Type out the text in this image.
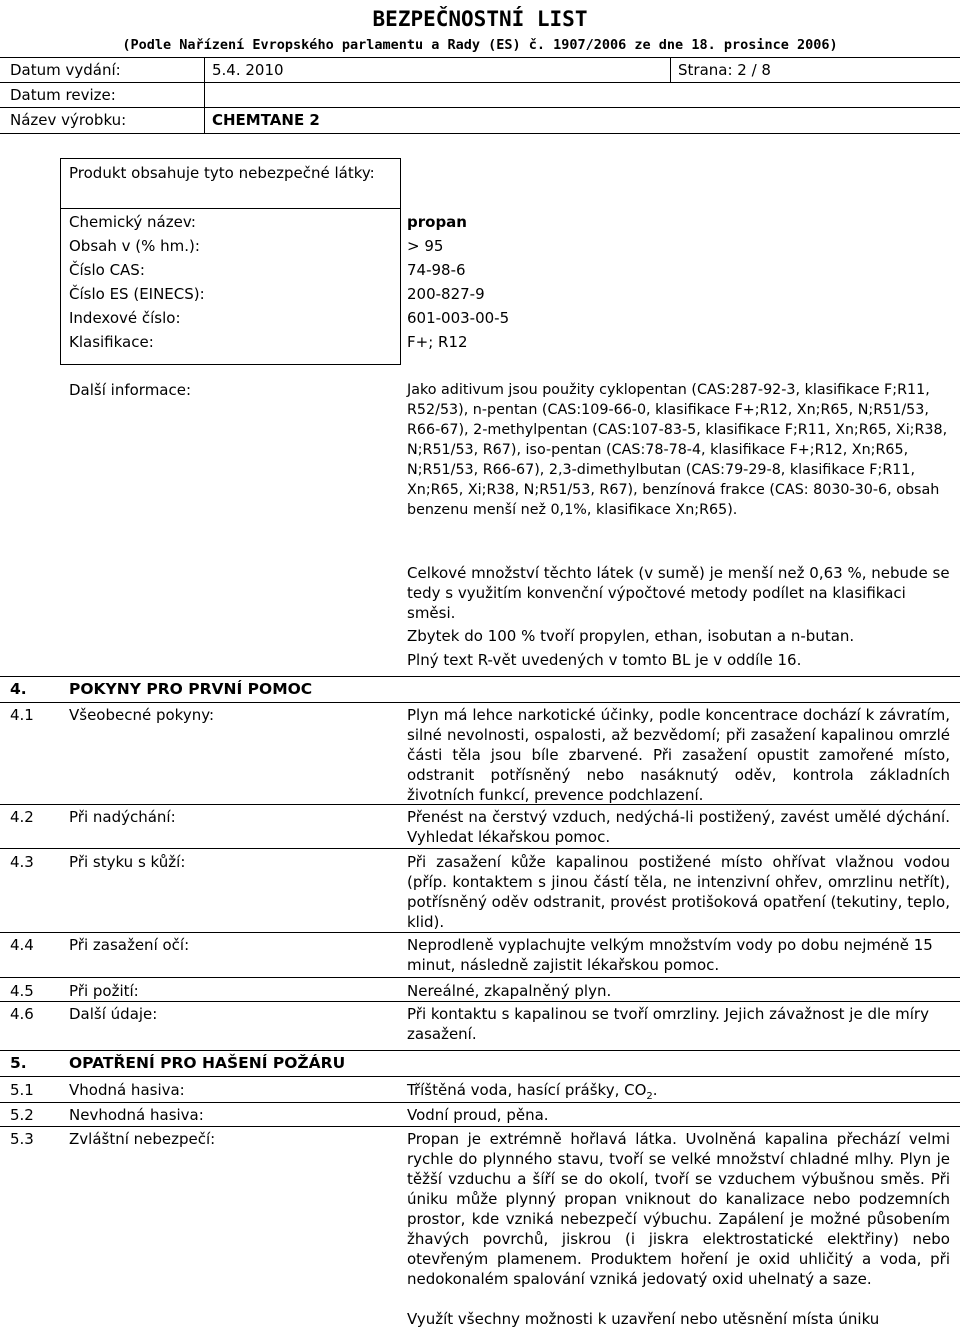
BEZPEČNOSTNÍ LIST
(Podle Nařízení Evropského parlamentu a Rady (ES) č. 1907/2006 ze dne 18. prosince 2006)
Datum vydání:	5.4. 2010	Strana: 2 / 8
Datum revize:
Název výrobku:	CHEMTANE 2
Produkt obsahuje tyto nebezpečné látky:
Chemický název:	propan
Obsah v (% hm.):	> 95
Číslo CAS:	74-98-6
Číslo ES (EINECS):	200-827-9
Indexové číslo:	601-003-00-5
Klasifikace:	F+; R12
Další informace:	Jako aditivum jsou použity cyklopentan (CAS:287-92-3, klasifikace F;R11, R52/53), n-pentan (CAS:109-66-0, klasifikace F+;R12, Xn;R65, N;R51/53, R66-67), 2-methylpentan (CAS:107-83-5, klasifikace F;R11, Xn;R65, Xi;R38, N;R51/53, R67), iso-pentan (CAS:78-78-4, klasifikace F+;R12, Xn;R65, N;R51/53, R66-67), 2,3-dimethylbutan (CAS:79-29-8, klasifikace F;R11, Xn;R65, Xi;R38, N;R51/53, R67), benzínová frakce (CAS: 8030-30-6, obsah benzenu menší než 0,1%, klasifikace Xn;R65).
Celkové množství těchto látek (v sumě) je menší než 0,63 %, nebude se tedy s využitím konvenční výpočtové metody podílet na klasifikaci směsi.
Zbytek do 100 % tvoří propylen, ethan, isobutan a n-butan.
Plný text R-vět uvedených v tomto BL je v oddíle 16.
4.	POKYNY PRO PRVNÍ POMOC
4.1 Všeobecné pokyny:	Plyn má lehce narkotické účinky, podle koncentrace dochází k závratím, silné nevolnosti, ospalosti, až bezvědomí; při zasažení kapalinou omrzlé části těla jsou bíle zbarvené. Při zasažení opustit zamořené místo, odstranit potřísněný nebo nasáknutý oděv, kontrola základních životních funkcí, prevence podchlazení.
4.2 Při nadýchání:	Přenést na čerstvý vzduch, nedýchá-li postižený, zavést umělé dýchání. Vyhledat lékařskou pomoc.
4.3 Při styku s kůží:	Při zasažení kůže kapalinou postižené místo ohřívat vlažnou vodou (příp. kontaktem s jinou částí těla, ne intenzivní ohřev, omrzlinu netřít), potřísněný oděv odstranit, provést protišoková opatření (tekutiny, teplo, klid).
4.4 Při zasažení očí:	Neprodleně vyplachujte velkým množstvím vody po dobu nejméně 15 minut, následně zajistit lékařskou pomoc.
4.5 Při požití:	Nereálné, zkapalněný plyn.
4.6 Další údaje:	Při kontaktu s kapalinou se tvoří omrzliny. Jejich závažnost je dle míry zasažení.
5.	OPATŘENÍ PRO HAŠENÍ POŽÁRU
5.1 Vhodná hasiva:	Tříštěná voda, hasící prášky, $CO_2$.
5.2 Nevhodná hasiva:	Vodní proud, pěna.
5.3 Zvláštní nebezpečí:	Propan je extrémně hořlavá látka. Uvolněná kapalina přechází velmi rychle do plynného stavu, tvoří se velké množství chladné mlhy. Plyn je těžší vzduchu a šíří se do okolí, tvoří se vzduchem výbušnou směs. Při úniku může plynný propan vniknout do kanalizace nebo podzemních prostor, kde vzniká nebezpečí výbuchu. Zapálení je možné působením žhavých povrchů, jiskrou (i jiskra elektrostatické elektřiny) nebo otevřeným plamenem. Produktem hoření je oxid uhličitý a voda, při nedokonalém spalování vzniká jedovatý oxid uhelnatý a saze.
Využít všechny možnosti k uzavření nebo utěsnění místa úniku
